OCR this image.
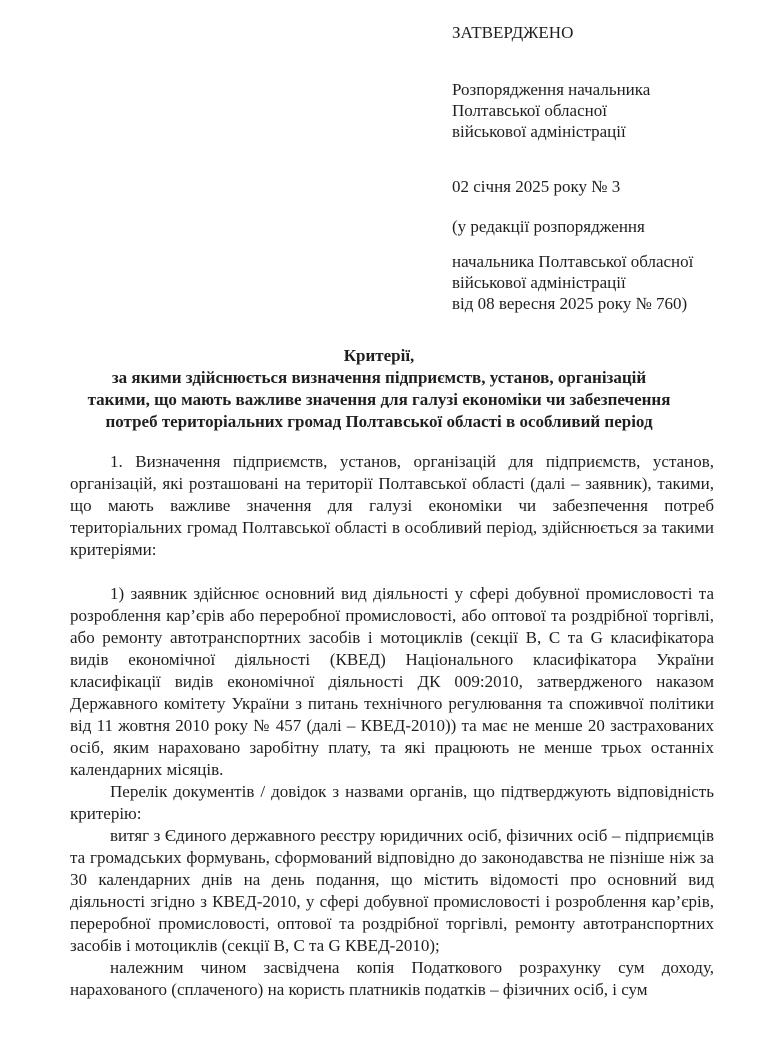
ЗАТВЕРДЖЕНО
Розпорядження начальника
Полтавської обласної
військової адміністрації
02 січня 2025 року № 3
(у редакції розпорядження
начальника Полтавської обласної
військової адміністрації
від 08 вересня 2025 року № 760)
Критерії,
за якими здійснюється визначення підприємств, установ, організацій
такими, що мають важливе значення для галузі економіки чи забезпечення
потреб територіальних громад Полтавської області в особливий період

1. Визначення підприємств, установ, організацій для підприємств, установ, організацій, які розташовані на території Полтавської області (далі – заявник), такими, що мають важливе значення для галузі економіки чи забезпечення потреб територіальних громад Полтавської області в особливий період, здійснюється за такими критеріями:

1) заявник здійснює основний вид діяльності у сфері добувної промисловості та розроблення кар’єрів або переробної промисловості, або оптової та роздрібної торгівлі, або ремонту автотранспортних засобів і мотоциклів (секції В, С та G класифікатора видів економічної діяльності (КВЕД) Національного класифікатора України класифікації видів економічної діяльності ДК 009:2010, затвердженого наказом Державного комітету України з питань технічного регулювання та споживчої політики від 11 жовтня 2010 року № 457 (далі – КВЕД-2010)) та має не менше 20 застрахованих осіб, яким нараховано заробітну плату, та які працюють не менше трьох останніх календарних місяців.

Перелік документів / довідок з назвами органів, що підтверджують відповідність критерію:

витяг з Єдиного державного реєстру юридичних осіб, фізичних осіб – підприємців та громадських формувань, сформований відповідно до законодавства не пізніше ніж за 30 календарних днів на день подання, що містить відомості про основний вид діяльності згідно з КВЕД-2010, у сфері добувної промисловості і розроблення кар’єрів, переробної промисловості, оптової та роздрібної торгівлі, ремонту автотранспортних засобів і мотоциклів (секції В, С та G КВЕД-2010);

належним чином засвідчена копія Податкового розрахунку сум доходу, нарахованого (сплаченого) на користь платників податків – фізичних осіб, і сум
